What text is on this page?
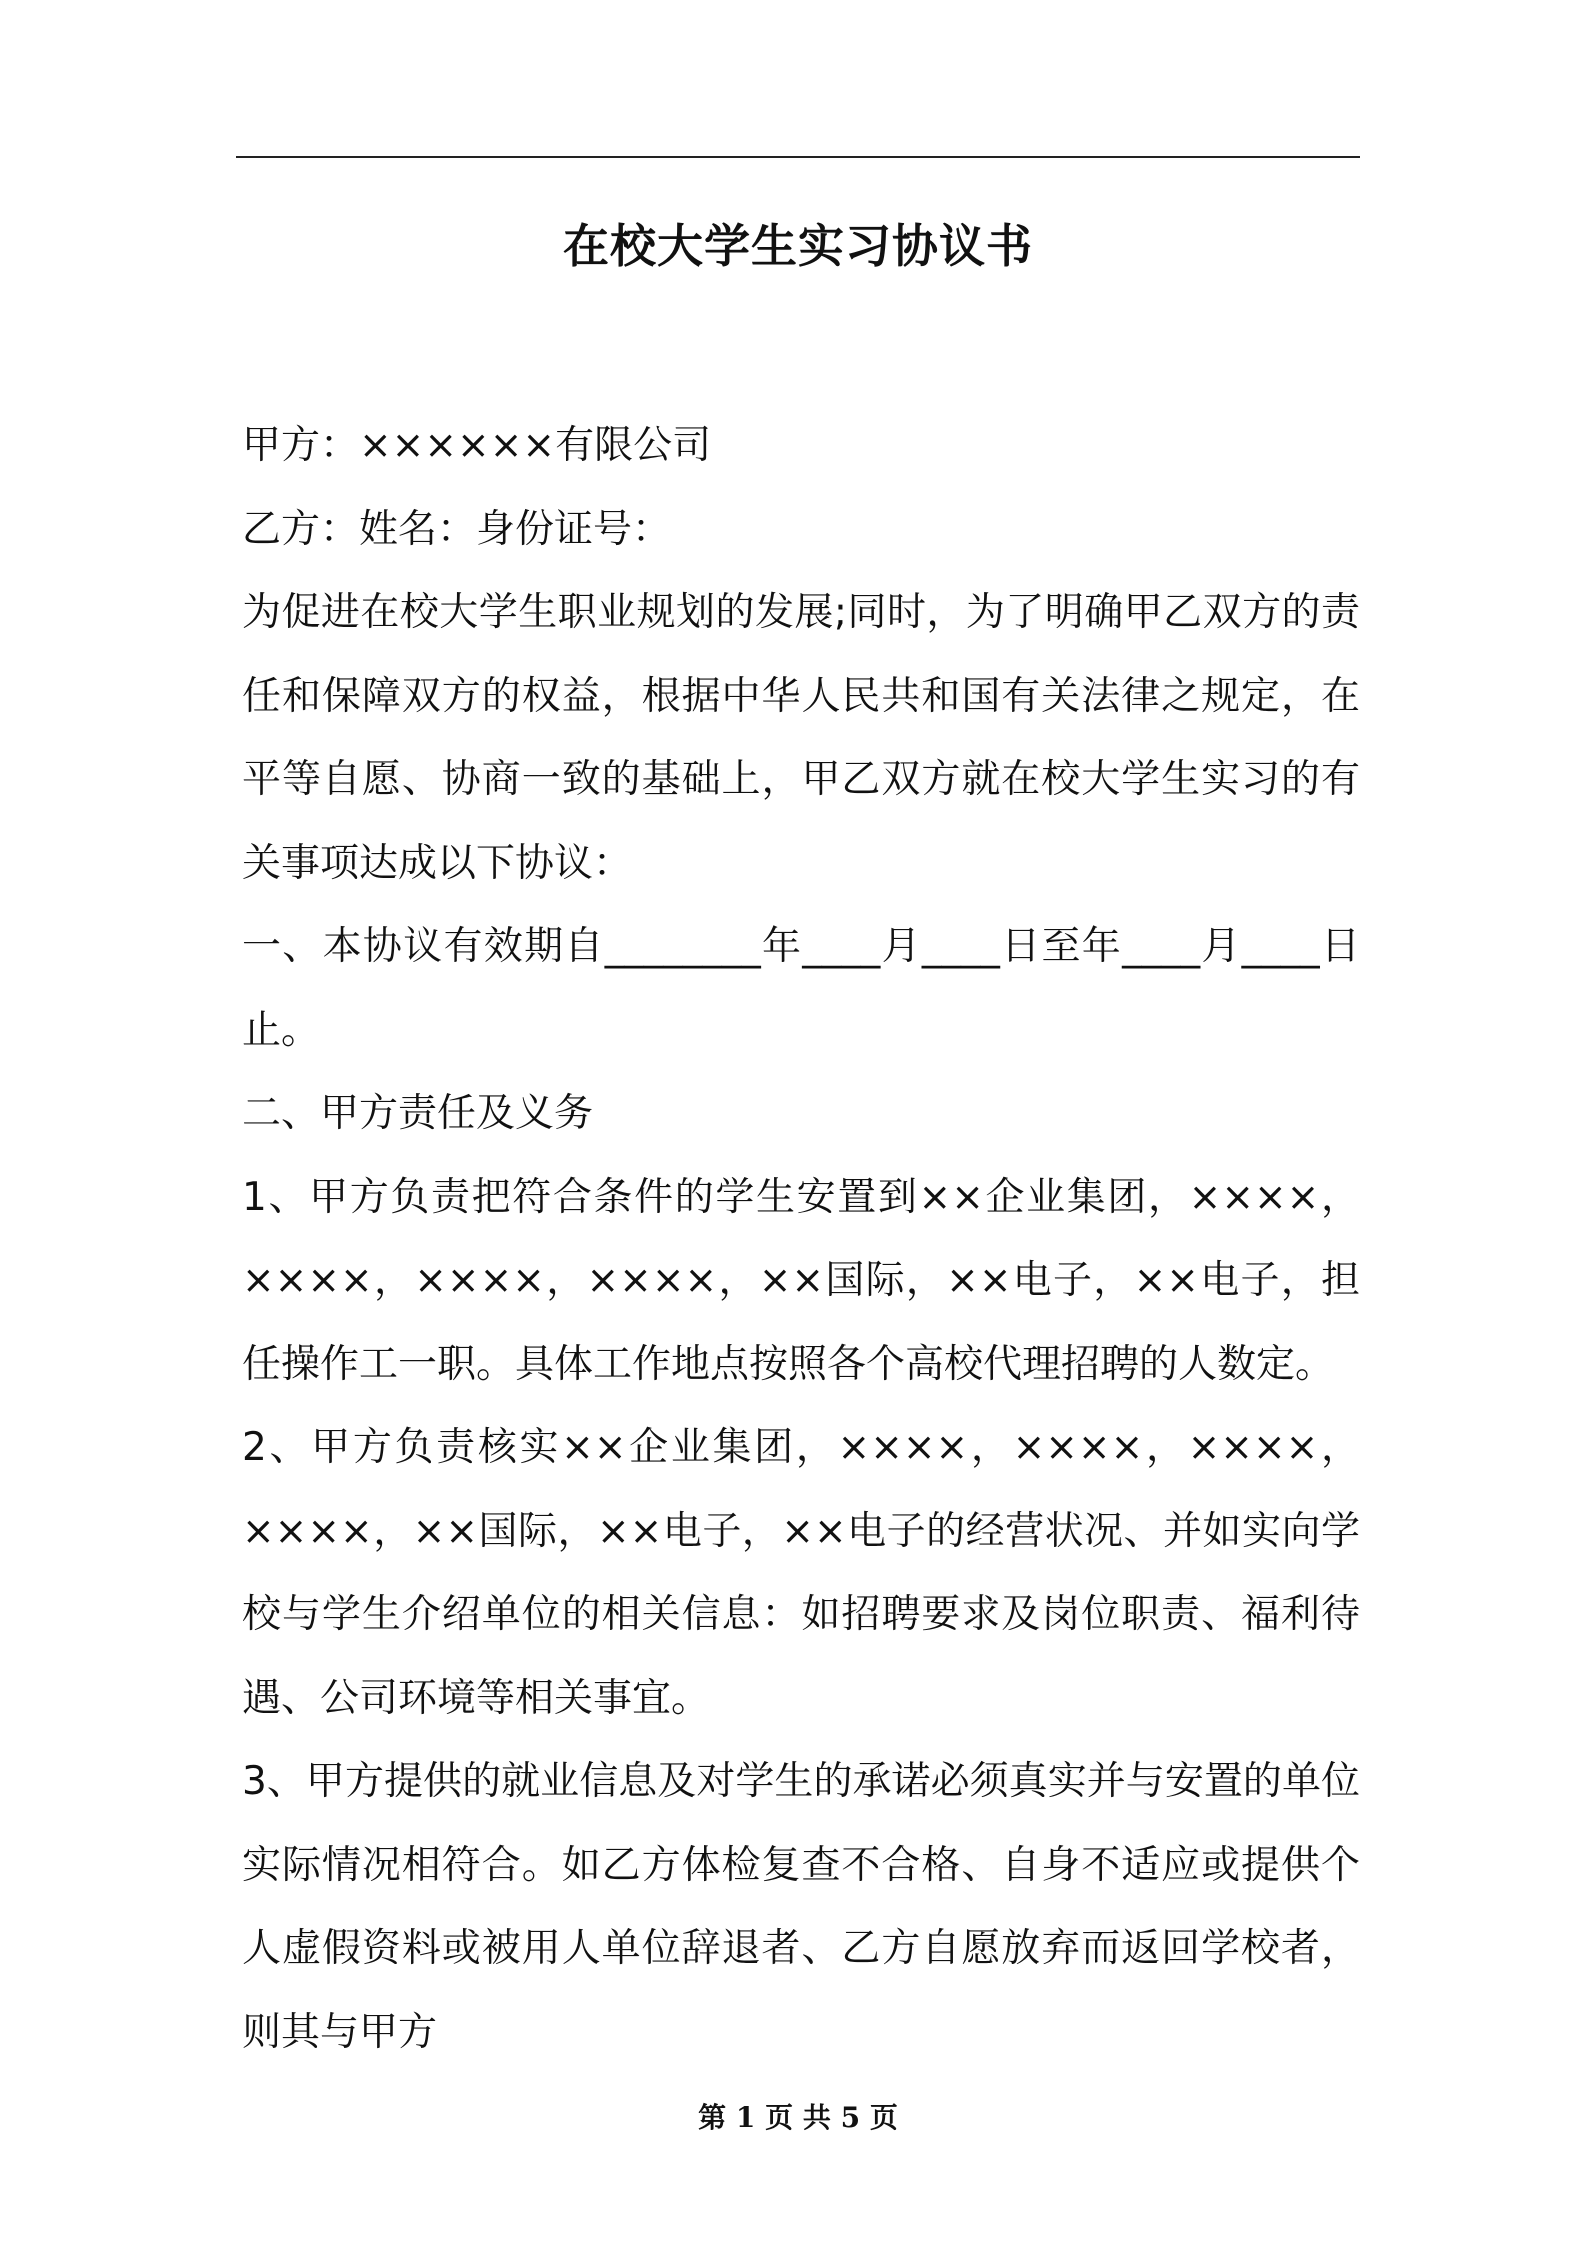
在校大学生实习协议书

甲方：××××××有限公司

乙方：姓名：身份证号：

为促进在校大学生职业规划的发展;同时，为了明确甲乙双方的责任和保障双方的权益，根据中华人民共和国有关法律之规定，在平等自愿、协商一致的基础上，甲乙双方就在校大学生实习的有关事项达成以下协议：

一、本协议有效期自________年____月____日至年____月____日止。

二、甲方责任及义务

1、甲方负责把符合条件的学生安置到××企业集团，××××，××××，××××，××××，××国际，××电子，××电子，担任操作工一职。具体工作地点按照各个高校代理招聘的人数定。

2、甲方负责核实××企业集团，××××，××××，××××，××××，××国际，××电子，××电子的经营状况、并如实向学校与学生介绍单位的相关信息：如招聘要求及岗位职责、福利待遇、公司环境等相关事宜。

3、甲方提供的就业信息及对学生的承诺必须真实并与安置的单位实际情况相符合。如乙方体检复查不合格、自身不适应或提供个人虚假资料或被用人单位辞退者、乙方自愿放弃而返回学校者，则其与甲方

第 1 页 共 5 页
